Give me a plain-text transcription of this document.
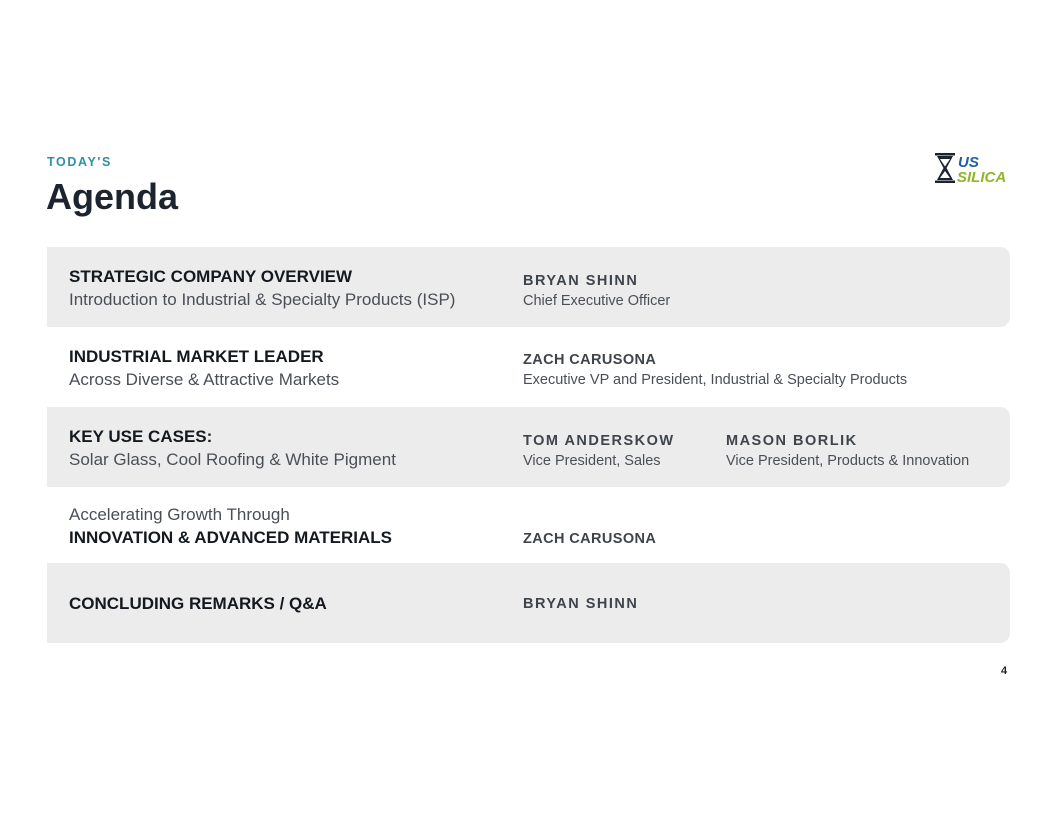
TODAY'S
Agenda
US
SILICA
STRATEGIC COMPANY OVERVIEW
Introduction to Industrial & Specialty Products (ISP)
BRYAN SHINN
Chief Executive Officer
INDUSTRIAL MARKET LEADER
Across Diverse & Attractive Markets
ZACH CARUSONA
Executive VP and President, Industrial & Specialty Products
KEY USE CASES:
Solar Glass, Cool Roofing & White Pigment
TOM ANDERSKOW
Vice President, Sales
MASON BORLIK
Vice President, Products & Innovation
Accelerating Growth Through
INNOVATION & ADVANCED MATERIALS	ZACH CARUSONA
CONCLUDING REMARKS / Q&A	BRYAN SHINN
4
